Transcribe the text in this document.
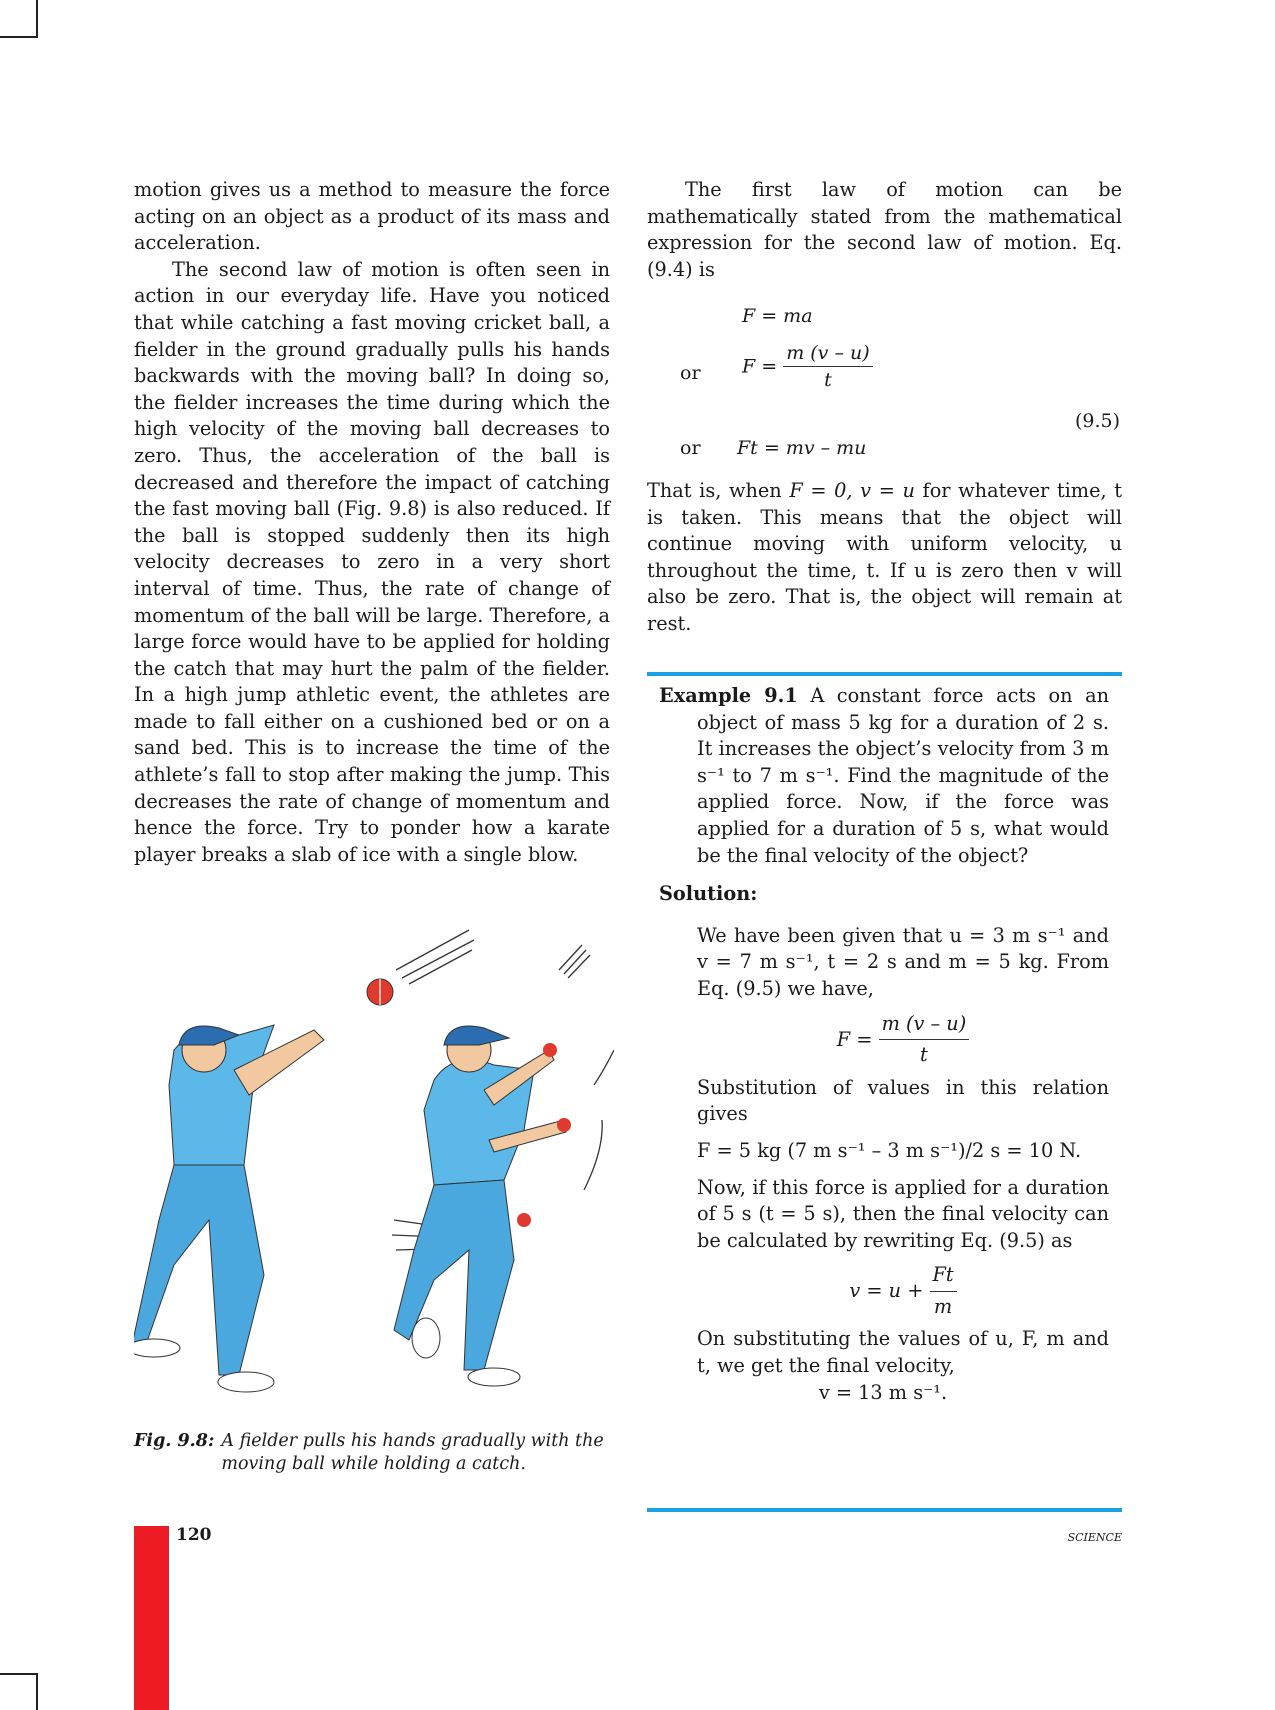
motion gives us a method to measure the force acting on an object as a product of its mass and acceleration.

The second law of motion is often seen in action in our everyday life. Have you noticed that while catching a fast moving cricket ball, a fielder in the ground gradually pulls his hands backwards with the moving ball? In doing so, the fielder increases the time during which the high velocity of the moving ball decreases to zero. Thus, the acceleration of the ball is decreased and therefore the impact of catching the fast moving ball (Fig. 9.8) is also reduced. If the ball is stopped suddenly then its high velocity decreases to zero in a very short interval of time. Thus, the rate of change of momentum of the ball will be large. Therefore, a large force would have to be applied for holding the catch that may hurt the palm of the fielder. In a high jump athletic event, the athletes are made to fall either on a cushioned bed or on a sand bed. This is to increase the time of the athlete’s fall to stop after making the jump. This decreases the rate of change of momentum and hence the force. Try to ponder how a karate player breaks a slab of ice with a single blow.

Fig. 9.8: A fielder pulls his hands gradually with the moving ball while holding a catch.
The first law of motion can be mathematically stated from the mathematical expression for the second law of motion. Eq. (9.4) is
F = ma
or $F = \frac{m (v - u)}{t}$
(9.5)
or Ft = mv – mu
That is, when F = 0, v = u for whatever time, t is taken. This means that the object will continue moving with uniform velocity, u throughout the time, t. If u is zero then v will also be zero. That is, the object will remain at rest.

Example 9.1 A constant force acts on an object of mass 5 kg for a duration of 2 s. It increases the object’s velocity from 3 m s⁻¹ to 7 m s⁻¹. Find the magnitude of the applied force. Now, if the force was applied for a duration of 5 s, what would be the final velocity of the object?

Solution:

We have been given that u = 3 m s⁻¹ and v = 7 m s⁻¹, t = 2 s and m = 5 kg. From Eq. (9.5) we have,

$F = \frac{m (v - u)}{t}$

Substitution of values in this relation gives

F = 5 kg (7 m s⁻¹ – 3 m s⁻¹)/2 s = 10 N.

Now, if this force is applied for a duration of 5 s (t = 5 s), then the final velocity can be calculated by rewriting Eq. (9.5) as

$v = u + \frac{Ft}{m}$

On substituting the values of u, F, m and t, we get the final velocity,

v = 13 m s⁻¹.

120	science
